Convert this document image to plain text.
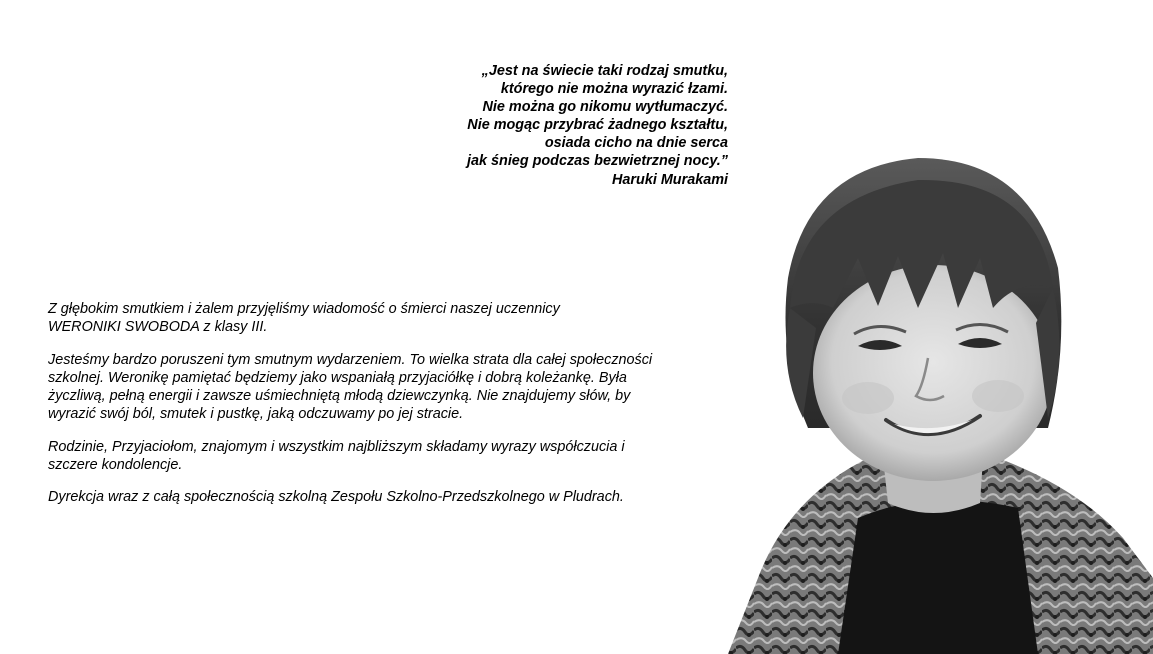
„Jest na świecie taki rodzaj smutku,
którego nie można wyrazić łzami.
Nie można go nikomu wytłumaczyć.
Nie mogąc przybrać żadnego kształtu,
osiada cicho na dnie serca
jak śnieg podczas bezwietrznej nocy.”
Haruki Murakami

Z głębokim smutkiem i żalem przyjęliśmy wiadomość o śmierci naszej uczennicy
WERONIKI SWOBODA z klasy III.

Jesteśmy bardzo poruszeni tym smutnym wydarzeniem. To wielka strata dla całej społeczności
szkolnej. Weronikę pamiętać będziemy jako wspaniałą przyjaciółkę i dobrą koleżankę. Była
życzliwą, pełną energii i zawsze uśmiechniętą młodą dziewczynką. Nie znajdujemy słów, by
wyrazić swój ból, smutek i pustkę, jaką odczuwamy po jej stracie.

Rodzinie, Przyjaciołom, znajomym i wszystkim najbliższym składamy wyrazy współczucia i
szczere kondolencje.

Dyrekcja wraz z całą społecznością szkolną Zespołu Szkolno-Przedszkolnego w Pludrach.
